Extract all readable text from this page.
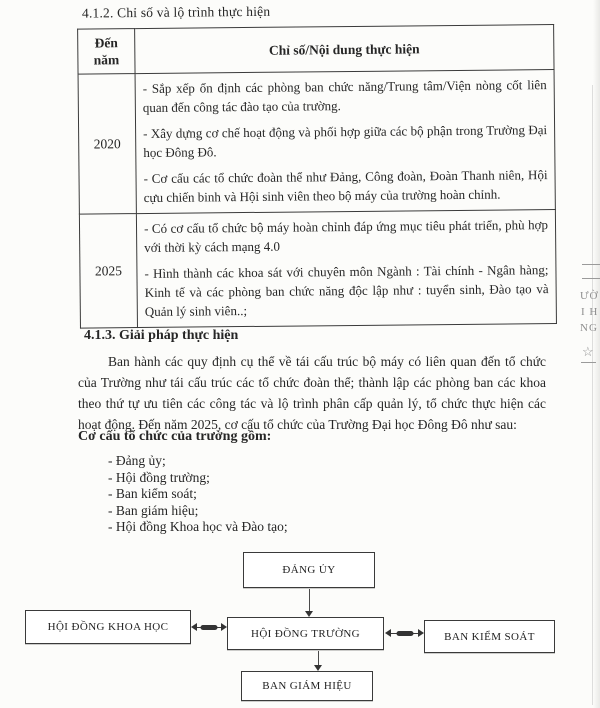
4.1.2. Chỉ số và lộ trình thực hiện
Đến năm	Chỉ số/Nội dung thực hiện
2020	- Sắp xếp ổn định các phòng ban chức năng/Trung tâm/Viện nòng cốt liên quan đến công tác đào tạo của trường.

- Xây dựng cơ chế hoạt động và phối hợp giữa các bộ phận trong Trường Đại học Đông Đô.

- Cơ cấu các tổ chức đoàn thể như Đảng, Công đoàn, Đoàn Thanh niên, Hội cựu chiến binh và Hội sinh viên theo bộ máy của trường hoàn chỉnh.

2025	- Có cơ cấu tổ chức bộ máy hoàn chỉnh đáp ứng mục tiêu phát triển, phù hợp với thời kỳ cách mạng 4.0

- Hình thành các khoa sát với chuyên môn Ngành : Tài chính - Ngân hàng; Kinh tế và các phòng ban chức năng độc lập như : tuyển sinh, Đào tạo và Quản lý sinh viên..;

4.1.3. Giải pháp thực hiện

Ban hành các quy định cụ thể về tái cấu trúc bộ máy có liên quan đến tổ chức của Trường như tái cấu trúc các tổ chức đoàn thể; thành lập các phòng ban các khoa theo thứ tự ưu tiên các công tác và lộ trình phân cấp quản lý, tổ chức thực hiện các hoạt động. Đến năm 2025, cơ cấu tổ chức của Trường Đại học Đông Đô như sau:

Cơ cấu tổ chức của trường gồm:
- Đảng ủy;
- Hội đồng trường;
- Ban kiểm soát;
- Ban giám hiệu;
- Hội đồng Khoa học và Đào tạo;
ĐẢNG ỦY
HỘI ĐỒNG KHOA HỌC
HỘI ĐỒNG TRƯỜNG	BAN KIỂM SOÁT
BAN GIÁM HIỆU
ƯỜ
I H
NG
☆
